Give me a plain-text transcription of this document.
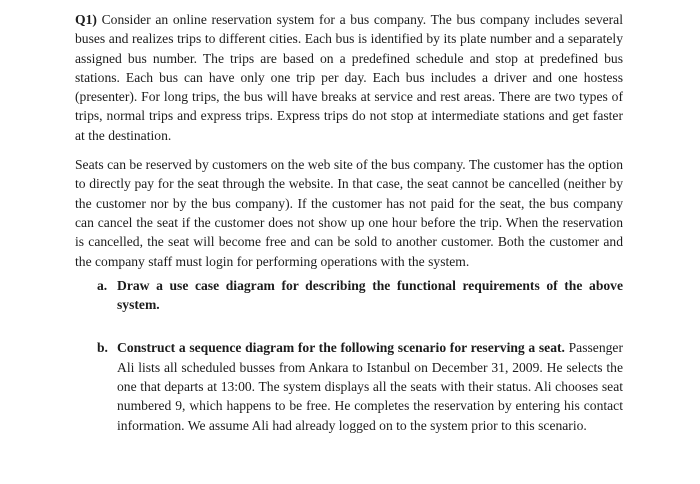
Q1) Consider an online reservation system for a bus company. The bus company includes several buses and realizes trips to different cities. Each bus is identified by its plate number and a separately assigned bus number. The trips are based on a predefined schedule and stop at predefined bus stations. Each bus can have only one trip per day. Each bus includes a driver and one hostess (presenter). For long trips, the bus will have breaks at service and rest areas. There are two types of trips, normal trips and express trips. Express trips do not stop at intermediate stations and get faster at the destination.

Seats can be reserved by customers on the web site of the bus company. The customer has the option to directly pay for the seat through the website. In that case, the seat cannot be cancelled (neither by the customer nor by the bus company). If the customer has not paid for the seat, the bus company can cancel the seat if the customer does not show up one hour before the trip. When the reservation is cancelled, the seat will become free and can be sold to another customer. Both the customer and the company staff must login for performing operations with the system.

a. Draw a use case diagram for describing the functional requirements of the above system.

b. Construct a sequence diagram for the following scenario for reserving a seat. Passenger Ali lists all scheduled busses from Ankara to Istanbul on December 31, 2009. He selects the one that departs at 13:00. The system displays all the seats with their status. Ali chooses seat numbered 9, which happens to be free. He completes the reservation by entering his contact information. We assume Ali had already logged on to the system prior to this scenario.
